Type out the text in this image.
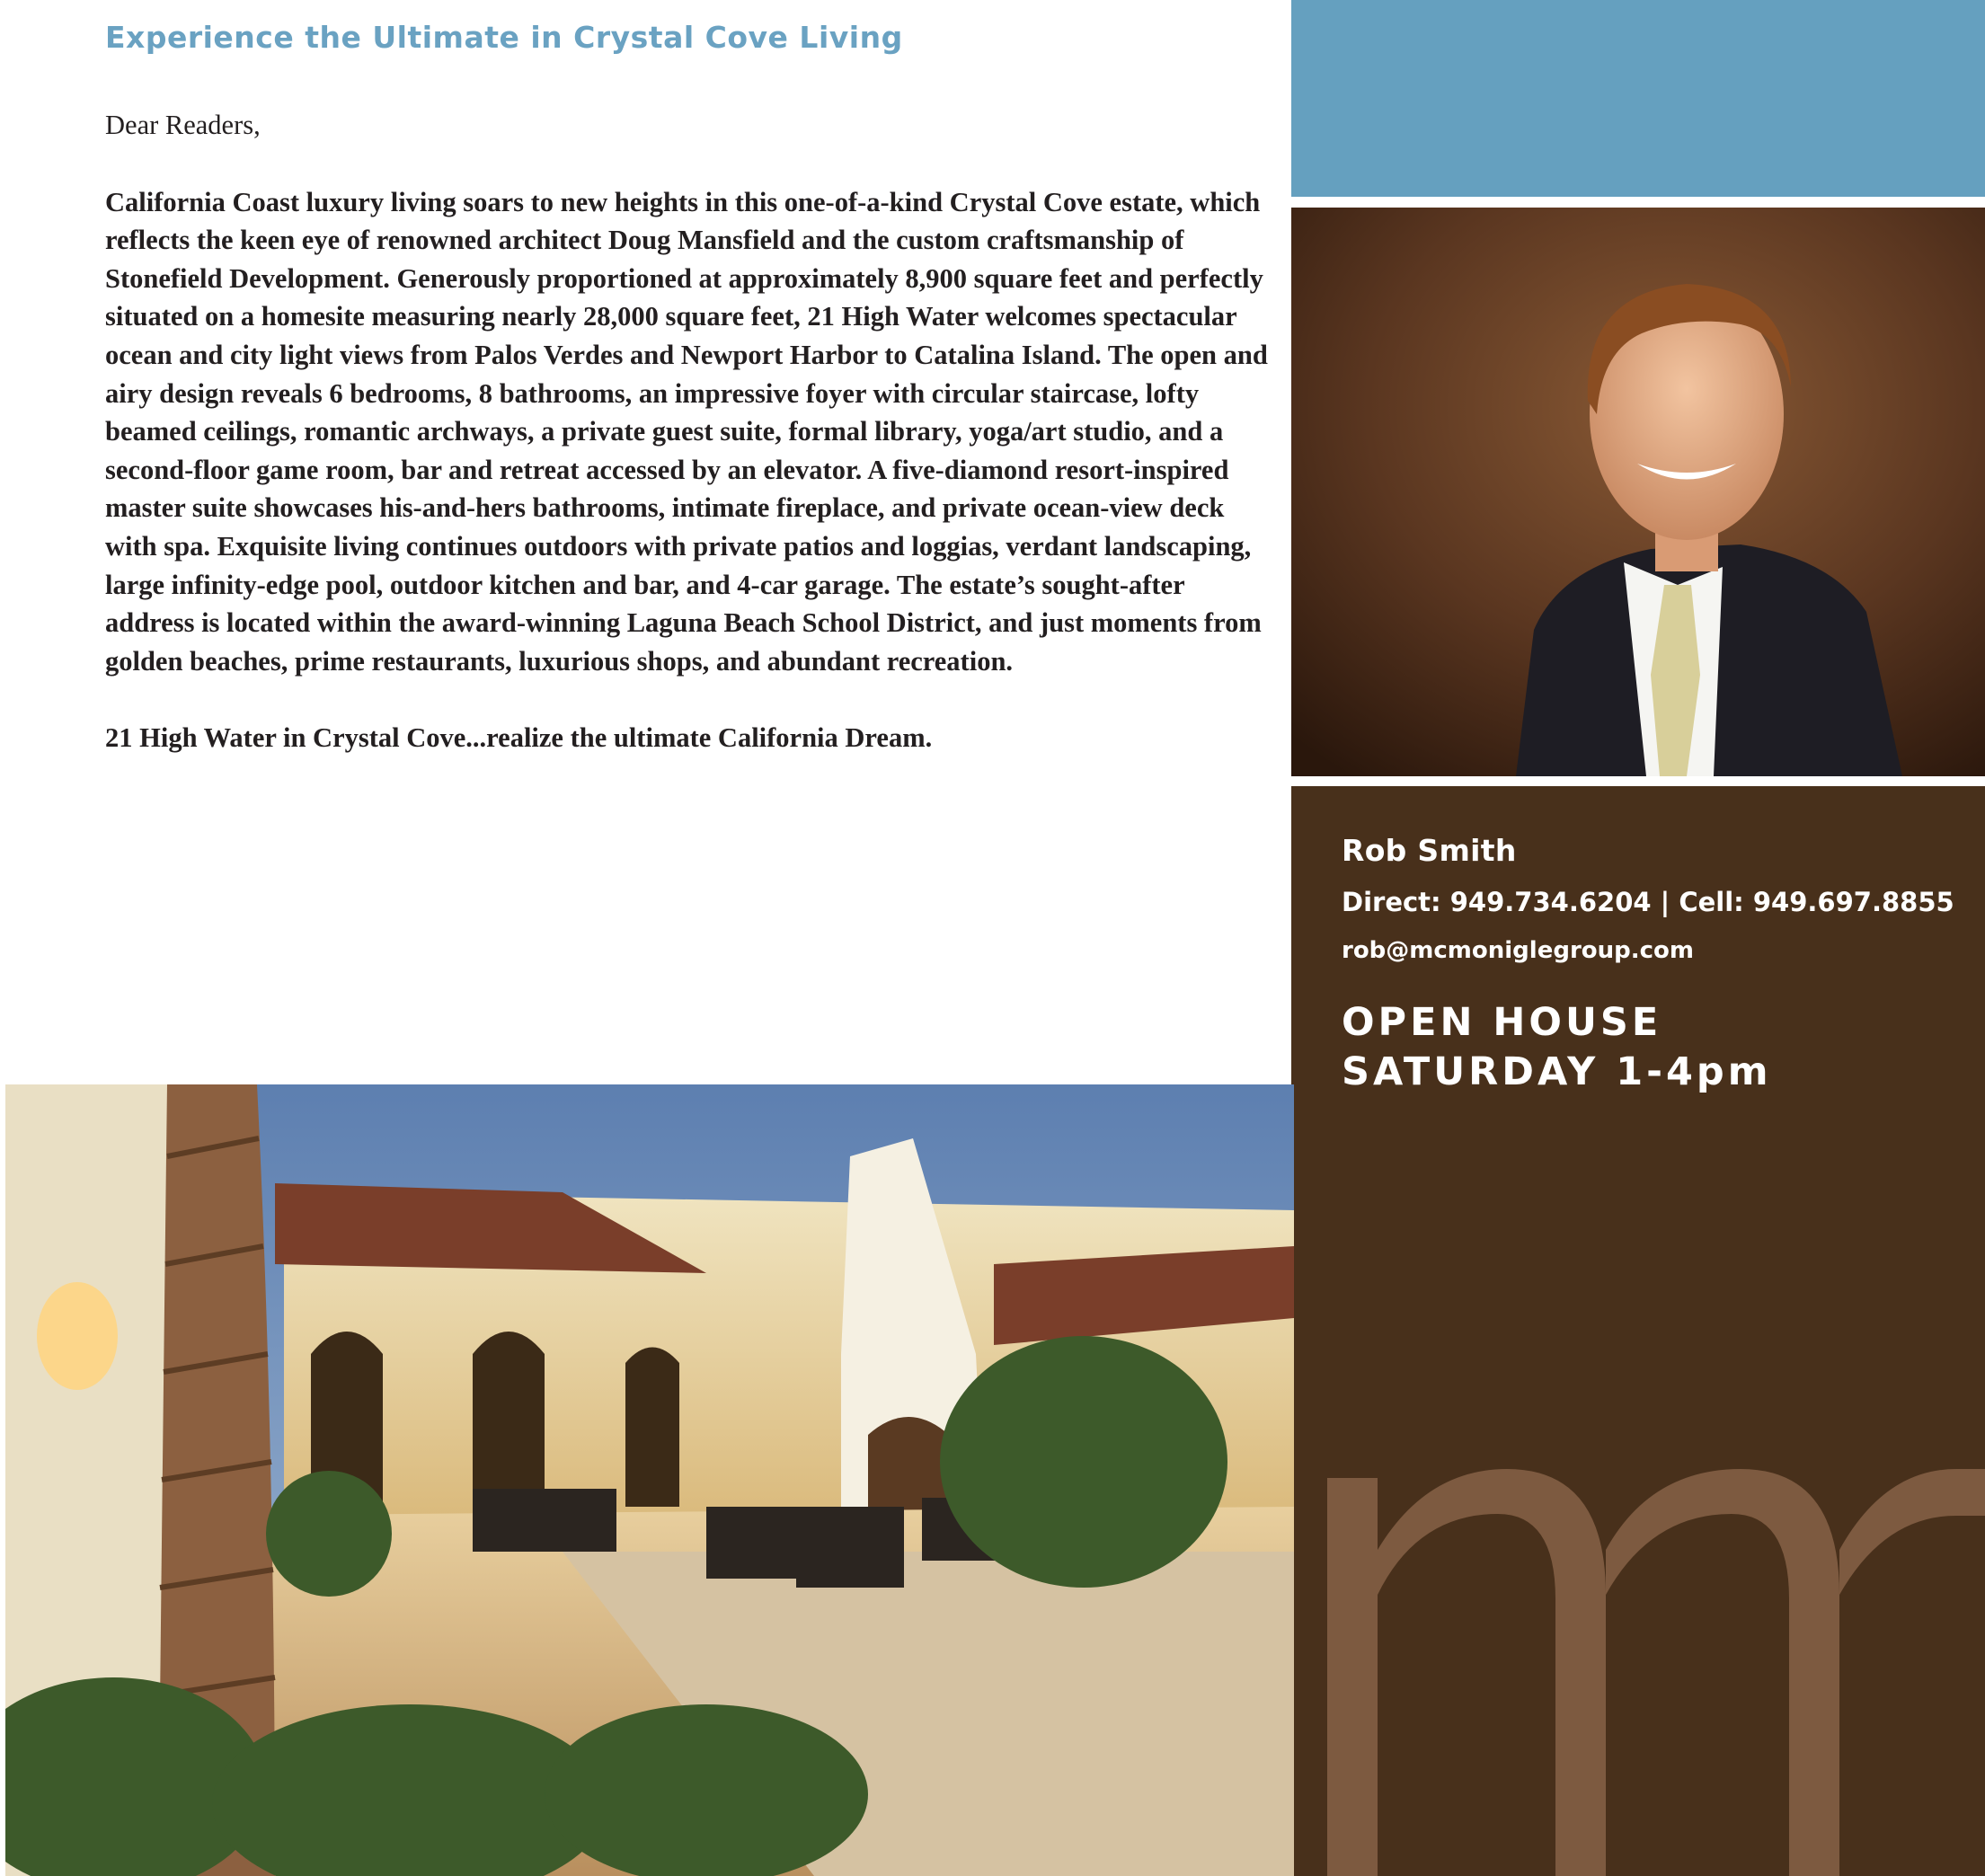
Experience the Ultimate in Crystal Cove Living

Dear Readers,

California Coast luxury living soars to new heights in this one-of-a-kind Crystal Cove estate, which reflects the keen eye of renowned architect Doug Mansfield and the custom craftsmanship of Stonefield Development. Generously proportioned at approximately 8,900 square feet and perfectly situated on a homesite measuring nearly 28,000 square feet, 21 High Water welcomes spectacular ocean and city light views from Palos Verdes and Newport Harbor to Catalina Island. The open and airy design reveals 6 bedrooms, 8 bathrooms, an impressive foyer with circular staircase, lofty beamed ceilings, romantic archways, a private guest suite, formal library, yoga/art studio, and a second-floor game room, bar and retreat accessed by an elevator. A five-diamond resort-inspired master suite showcases his-and-hers bathrooms, intimate fireplace, and private ocean-view deck with spa. Exquisite living continues outdoors with private patios and loggias, verdant landscaping, large infinity-edge pool, outdoor kitchen and bar, and 4-car garage. The estate’s sought-after address is located within the award-winning Laguna Beach School District, and just moments from golden beaches, prime restaurants, luxurious shops, and abundant recreation.

21 High Water in Crystal Cove...realize the ultimate California Dream.

Rob Smith

Direct: 949.734.6204 | Cell: 949.697.8855

rob@mcmoniglegroup.com

OPEN HOUSE

SATURDAY 1-4pm
